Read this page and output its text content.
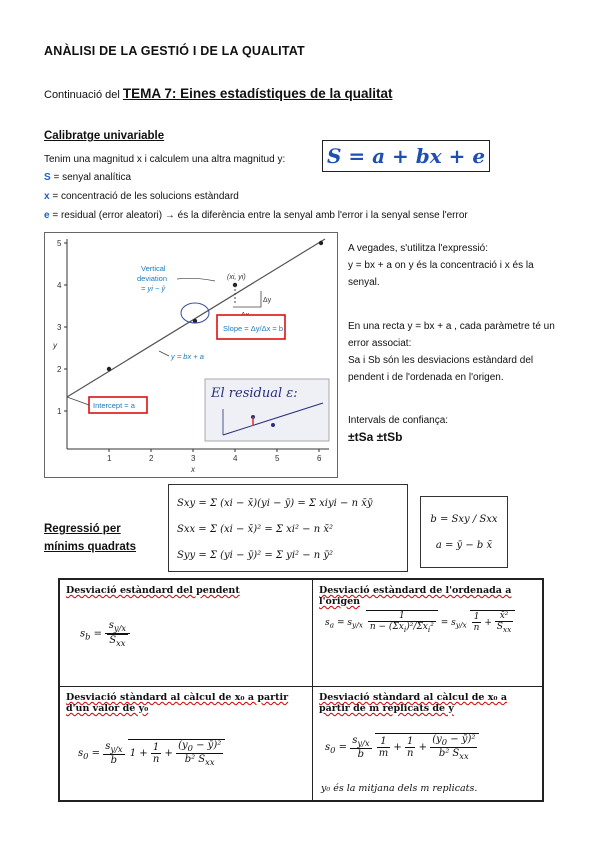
ANÀLISI DE LA GESTIÓ I DE LA QUALITAT
Continuació del TEMA 7: Eines estadístiques de la qualitat
Calibratge univariable
Tenim una magnitud x i calculem una altra magnitud y: S = a + bx + e
S = senyal analítica
x = concentració de les solucions estàndard
e = residual (error aleatori) → és la diferència entre la senyal amb l'error i la senyal sense l'error
5
4
3
2
1
y
1	2	3	4	5	6
x
Δy
(xi, yi)
Vertical
deviation
= yi − ŷ
y = bx + a
Slope = Δy/Δx = b
Intercept = a
El residual ε:
A vegades, s'utilitza l'expressió:
y = bx + a on y és la concentració i x és la senyal.
En una recta y = bx + a , cada paràmetre té un error associat:
Sa i Sb són les desviacions estàndard del pendent i de l'ordenada en l'origen.
Intervals de confiança:
±tSa ±tSb
Regressió per
mínims quadrats
Sxy = Σ (xi − x̄)(yi − ȳ) = Σ xiyi − n x̄ȳ
Sxx = Σ (xi − x̄)² = Σ xi² − n x̄²
Syy = Σ (yi − ȳ)² = Σ yi² − n ȳ²
b = Sxy / Sxx
a = ȳ − b x̄
Desviació estàndard del pendent
$s_b = \frac{s_{y/x}}{S_{xx}}$
Desviació estàndard de l'ordenada a l'origen
$s_a = s_{y/x} \frac{1}{n - (\Sigma x_i)^2/\Sigma x_i^2} = s_{y/x} \frac{1}{n} + \frac{\text{x̄²}}{S_{xx}}$
Desviació stàndard al càlcul de x₀ a partir d'un valor de y₀
$s_0 = \frac{s_{y/x}}{b} 1 + \frac{1}{n} + \frac{(y_0 - ȳ)^2}{b^2 S_{xx}}$
Desviació stàndard al càlcul de x₀ a partir de m replicats de y
$s_0 = \frac{s_{y/x}}{b}$
$\frac{1}{m} + \frac{1}{n} + \frac{(y_0 - ȳ)^2}{b^2 S_{xx}}$
y₀ és la mitjana dels m replicats.
